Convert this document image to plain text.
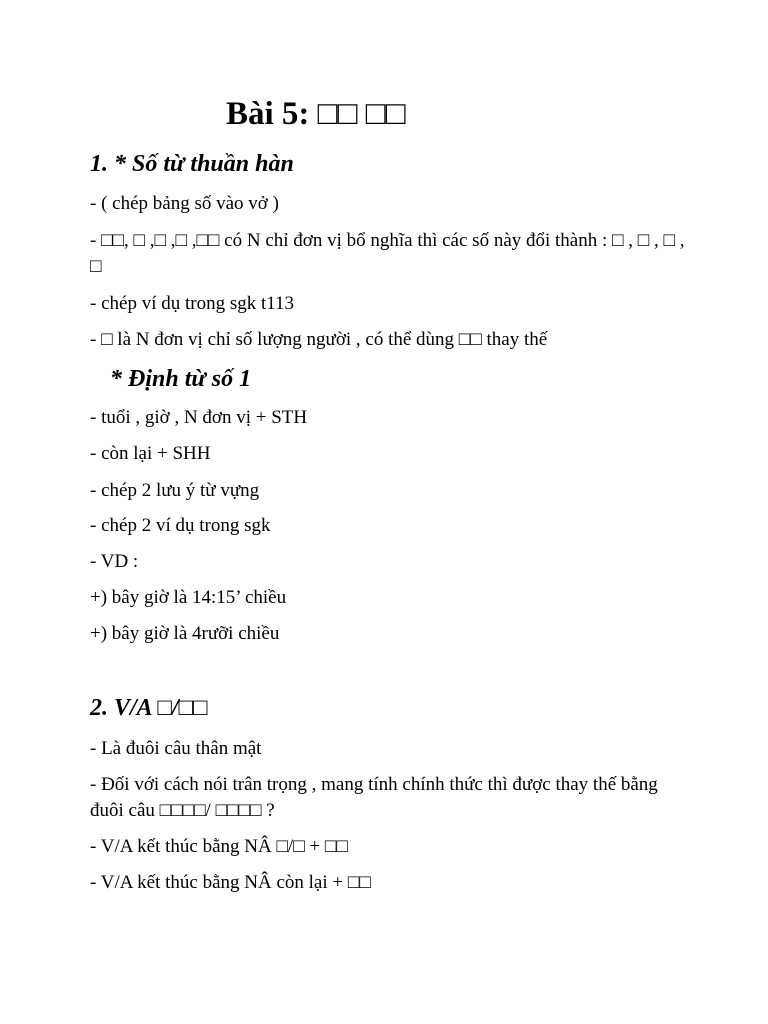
Bài 5: □□ □□
1. * Số từ thuần hàn
- ( chép bảng số vào vở )
- □□, □ ,□ ,□ ,□□ có N chỉ đơn vị bổ nghĩa thì các số này đổi thành : □ , □ , □ , □
- chép ví dụ trong sgk t113
- □ là N đơn vị chỉ số lượng người , có thể dùng □□ thay thế
* Định từ số 1
- tuổi , giờ , N đơn vị + STH
- còn lại + SHH
- chép 2 lưu ý từ vựng
- chép 2 ví dụ trong sgk
- VD :
+) bây giờ là 14:15’ chiều
+) bây giờ là 4rưỡi chiều
2. V/A □/□□
- Là đuôi câu thân mật
- Đối với cách nói trân trọng , mang tính chính thức thì được thay thế bằng đuôi câu □□□□/ □□□□ ?
- V/A kết thúc bằng NÂ □/□ + □□
- V/A kết thúc bằng NÂ còn lại + □□
